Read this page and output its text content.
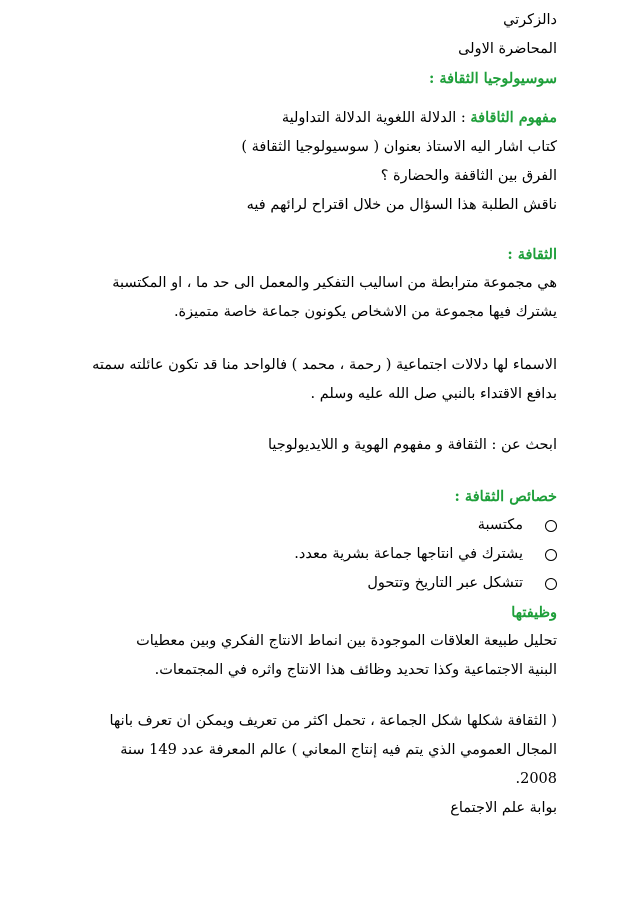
دالزكرتي

المحاضرة الاولى

سوسيولوجيا الثقافة :

مفهوم الثاقافة : الدلالة اللغوية الدلالة التداولية

كتاب اشار اليه الاستاذ بعنوان ( سوسيولوجيا الثقافة )

الفرق بين الثاقفة والحضارة ؟

ناقش الطلبة هذا السؤال من خلال اقتراح لرائهم فيه

الثقافة :

هي مجموعة مترابطة من اساليب التفكير والمعمل الى حد ما ، او المكتسبة

يشترك فيها مجموعة من الاشخاص يكونون جماعة خاصة متميزة.

الاسماء لها دلالات اجتماعية ( رحمة ، محمد ) فالواحد منا قد تكون عائلته سمته

بدافع الاقتداء بالنبي صل الله عليه وسلم .

ابحث عن : الثقافة و مفهوم الهوية و اللايديولوجيا

خصائص الثقافة :

مكتسبة
يشترك في انتاجها جماعة بشرية معدد.
تتشكل عبر التاريخ وتتحول

وظيفتها

تحليل طبيعة العلاقات الموجودة بين انماط الانتاج الفكري وبين معطيات

البنية الاجتماعية وكذا تحديد وظائف هذا الانتاج واثره في المجتمعات.

( الثقافة شكلها شكل الجماعة ، تحمل اكثر من تعريف ويمكن ان تعرف بانها

المجال العمومي الذي يتم فيه إنتاج المعاني ) عالم المعرفة عدد 149 سنة

2008.

بوابة علم الاجتماع
